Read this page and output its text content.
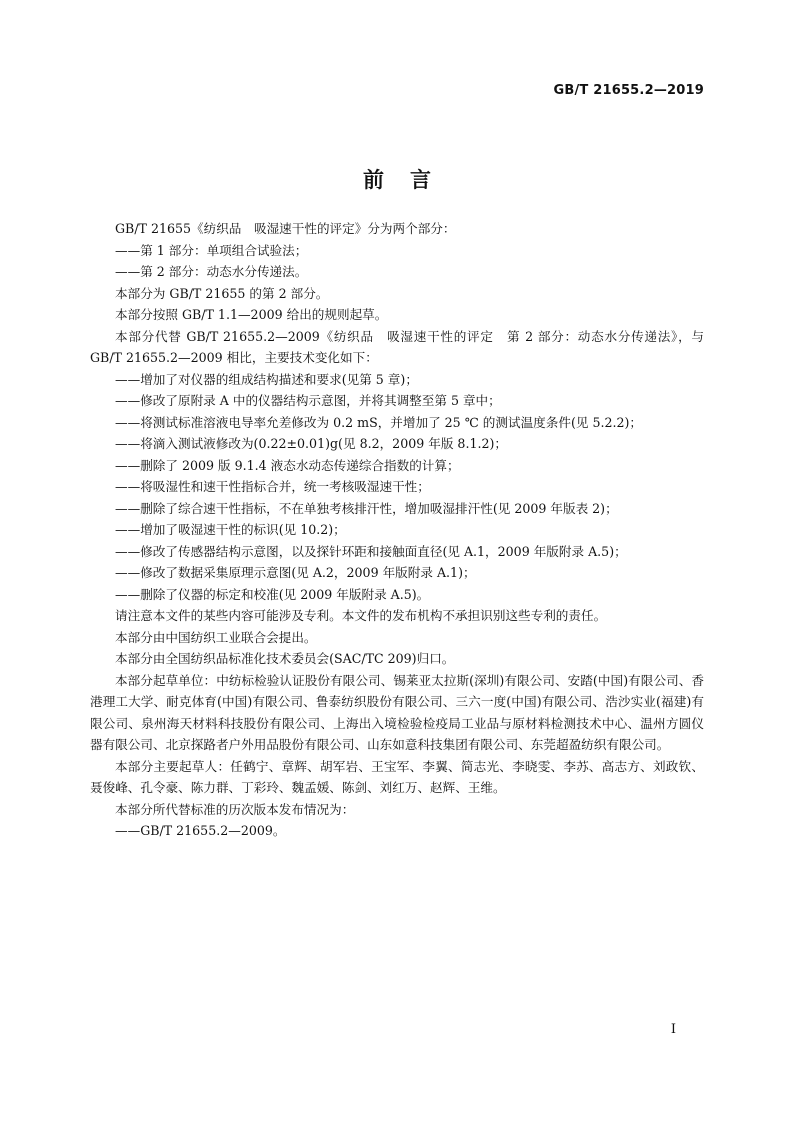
GB/T 21655.2—2019
前 言

GB/T 21655《纺织品　吸湿速干性的评定》分为两个部分：

——第 1 部分：单项组合试验法；

——第 2 部分：动态水分传递法。

本部分为 GB/T 21655 的第 2 部分。

本部分按照 GB/T 1.1—2009 给出的规则起草。

本部分代替 GB/T 21655.2—2009《纺织品　吸湿速干性的评定　第 2 部分：动态水分传递法》，与 GB/T 21655.2—2009 相比，主要技术变化如下：

——增加了对仪器的组成结构描述和要求(见第 5 章)；

——修改了原附录 A 中的仪器结构示意图，并将其调整至第 5 章中；

——将测试标准溶液电导率允差修改为 0.2 mS，并增加了 25 ℃ 的测试温度条件(见 5.2.2)；

——将滴入测试液修改为(0.22±0.01)g(见 8.2，2009 年版 8.1.2)；

——删除了 2009 版 9.1.4 液态水动态传递综合指数的计算；

——将吸湿性和速干性指标合并，统一考核吸湿速干性；

——删除了综合速干性指标，不在单独考核排汗性，增加吸湿排汗性(见 2009 年版表 2)；

——增加了吸湿速干性的标识(见 10.2)；

——修改了传感器结构示意图，以及探针环距和接触面直径(见 A.1，2009 年版附录 A.5)；

——修改了数据采集原理示意图(见 A.2，2009 年版附录 A.1)；

——删除了仪器的标定和校准(见 2009 年版附录 A.5)。

请注意本文件的某些内容可能涉及专利。本文件的发布机构不承担识别这些专利的责任。

本部分由中国纺织工业联合会提出。

本部分由全国纺织品标准化技术委员会(SAC/TC 209)归口。

本部分起草单位：中纺标检验认证股份有限公司、锡莱亚太拉斯(深圳)有限公司、安踏(中国)有限公司、香港理工大学、耐克体育(中国)有限公司、鲁泰纺织股份有限公司、三六一度(中国)有限公司、浩沙实业(福建)有限公司、泉州海天材料科技股份有限公司、上海出入境检验检疫局工业品与原材料检测技术中心、温州方圆仪器有限公司、北京探路者户外用品股份有限公司、山东如意科技集团有限公司、东莞超盈纺织有限公司。

本部分主要起草人：任鹤宁、章辉、胡军岩、王宝军、李翼、简志光、李晓雯、李苏、高志方、刘政钦、聂俊峰、孔令豪、陈力群、丁彩玲、魏孟媛、陈剑、刘红万、赵辉、王维。

本部分所代替标准的历次版本发布情况为：

——GB/T 21655.2—2009。

I
